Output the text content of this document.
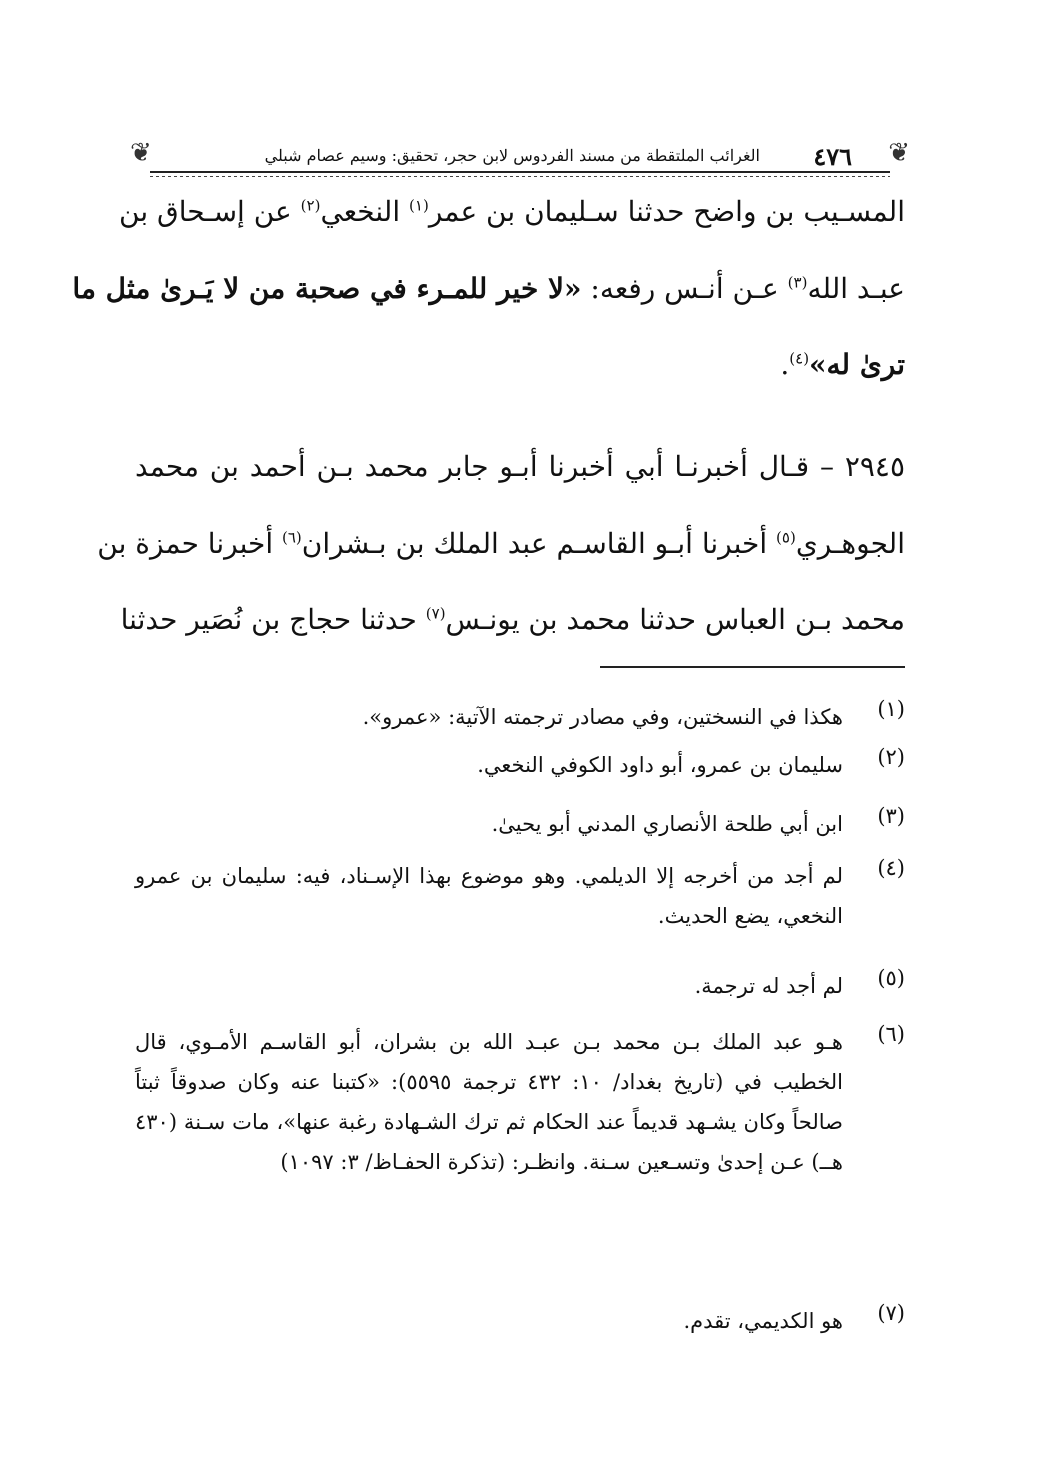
❦
٤٧٦
الغرائب الملتقطة من مسند الفردوس لابن حجر، تحقيق: وسيم عصام شبلي
❦
المسـيب بن واضح حدثنا سـليمان بن عمر$^{(١)}$ النخعي$^{(٢)}$ عن إسـحاق بن
عبـد الله$^{(٣)}$ عـن أنـس رفعه: «لا خير للمـرء في صحبة من لا يَـرىٰ مثل ما
ترىٰ له»$^{(٤)}$.
٢٩٤٥ – قـال أخبرنـا أبي أخبرنا أبـو جابر محمد بـن أحمد بن محمد
الجوهـري$^{(٥)}$ أخبرنا أبـو القاسـم عبد الملك بن بـشران$^{(٦)}$ أخبرنا حمزة بن
محمد بـن العباس حدثنا محمد بن يونـس$^{(٧)}$ حدثنا حجاج بن نُصَير حدثنا
(١)
هكذا في النسختين، وفي مصادر ترجمته الآتية: «عمرو».
(٢)
سليمان بن عمرو، أبو داود الكوفي النخعي.
(٣)
ابن أبي طلحة الأنصاري المدني أبو يحيىٰ.
(٤)
لم أجد من أخرجه إلا الديلمي. وهو موضوع بهذا الإسـناد، فيه: سليمان بن عمرو النخعي، يضع الحديث.
(٥)
لم أجد له ترجمة.
(٦)
هـو عبد الملك بـن محمد بـن عبـد الله بن بشران، أبو القاسـم الأمـوي، قال الخطيب في (تاريخ بغداد/ ١٠: ٤٣٢ ترجمة ٥٥٩٥): «كتبنا عنه وكان صدوقاً ثبتاً صالحاً وكان يشـهد قديماً عند الحكام ثم ترك الشـهادة رغبة عنها»، مات سـنة (٤٣٠ هــ) عـن إحدىٰ وتسـعين سـنة. وانظـر: (تذكرة الحفـاظ/ ٣: ١٠٩٧)
(٧)
هو الكديمي، تقدم.
